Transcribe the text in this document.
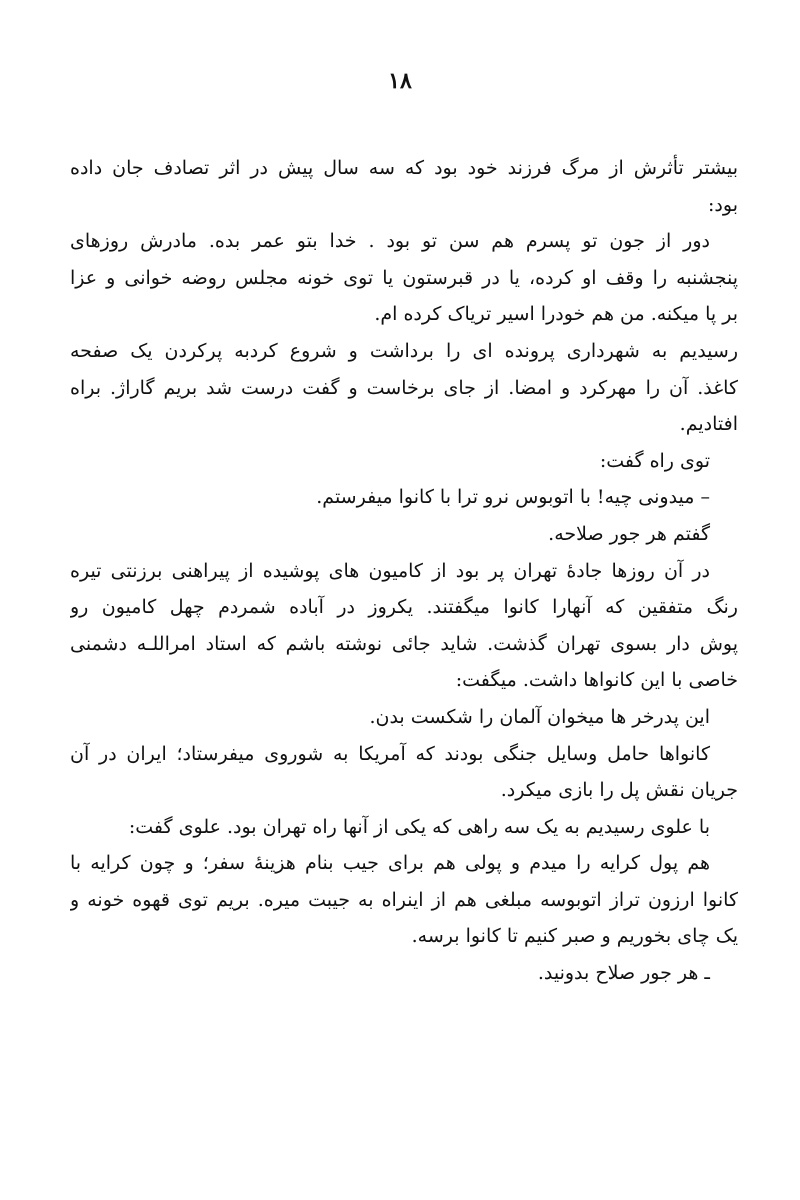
۱۸
بیشتر تأثرش از مرگ فرزند خود بود که سه سال پیش در اثر تصادف جان داده
بود:
دور از جون تو پسرم هم سن تو بود . خدا بتو عمر بده. مادرش روزهای
پنجشنبه را وقف او کرده، یا در قبرستون یا توی خونه مجلس روضه خوانی و عزا
بر پا میکنه. من هم خودرا اسیر تریاک کرده ام.
رسیدیم به شهرداری پرونده ای را برداشت و شروع کردبه پرکردن یک صفحه
کاغذ. آن را مهرکرد و امضا. از جای برخاست و گفت درست شد بریم گاراژ. براه
افتادیم.
توی راه گفت:
– میدونی چیه! با اتوبوس نرو ترا با کانوا میفرستم.
گفتم هر جور صلاحه.
در آن روزها جادهٔ تهران پر بود از کامیون های پوشیده از پیراهنی برزنتی تیره
رنگ متفقین که آنهارا کانوا میگفتند. یکروز در آباده شمردم چهل کامیون رو
پوش دار بسوی تهران گذشت. شاید جائی نوشته باشم که استاد امراللـه دشمنی
خاصی با این کانواها داشت. میگفت:
این پدرخر ها میخوان آلمان را شکست بدن.
کانواها حامل وسایل جنگی بودند که آمریکا به شوروی میفرستاد؛ ایران در آن
جریان نقش پل را بازی میکرد.
با علوی رسیدیم به یک سه راهی که یکی از آنها راه تهران بود. علوی گفت:
هم پول کرایه را میدم و پولی هم برای جیب بنام هزینهٔ سفر؛ و چون کرایه با
کانوا ارزون تراز اتوبوسه مبلغی هم از اینراه به جیبت میره. بریم توی قهوه خونه و
یک چای بخوریم و صبر کنیم تا کانوا برسه.
ـ هر جور صلاح بدونید.
